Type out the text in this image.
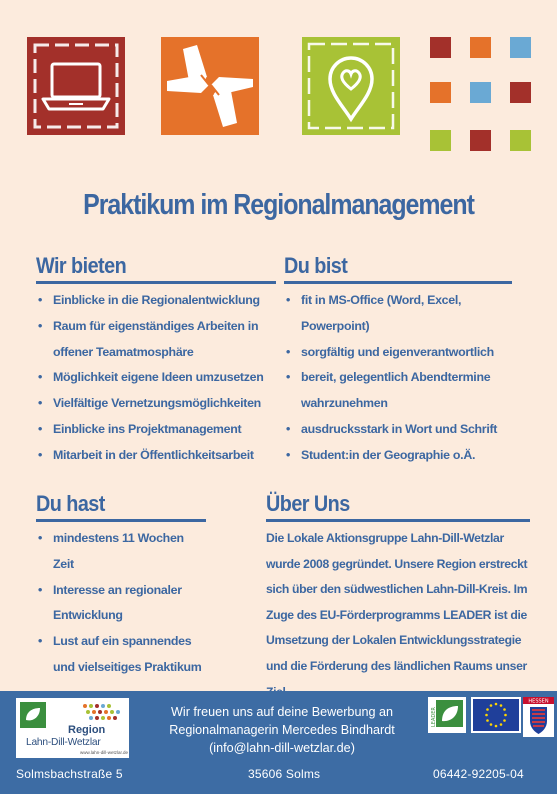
Praktikum im Regionalmanagement
Wir bieten
• Einblicke in die Regionalentwicklung
• Raum für eigenständiges Arbeiten in offener Teamatmosphäre
• Möglichkeit eigene Ideen umzusetzen
• Vielfältige Vernetzungsmöglichkeiten
• Einblicke ins Projektmanagement
• Mitarbeit in der Öffentlichkeitsarbeit
Du bist
• fit in MS-Office (Word, Excel, Powerpoint)
• sorgfältig und eigenverantwortlich
• bereit, gelegentlich Abendtermine wahrzunehmen
• ausdrucksstark in Wort und Schrift
• Student:in der Geographie o.Ä.
Du hast
• mindestens 11 Wochen Zeit
• Interesse an regionaler Entwicklung
• Lust auf ein spannendes und vielseitiges Praktikum
Über Uns

Die Lokale Aktionsgruppe Lahn-Dill-Wetzlar wurde 2008 gegründet. Unsere Region erstreckt sich über den südwestlichen Lahn-Dill-Kreis. Im Zuge des EU-Förderprogramms LEADER ist die Umsetzung der Lokalen Entwicklungsstrategie und die Förderung des ländlichen Raums unser

Region
Lahn-Dill-Wetzlar
www.lahn-dill-wetzlar.de
Wir freuen uns auf deine Bewerbung an
Regionalmanagerin Mercedes Bindhardt
(info@lahn-dill-wetzlar.de)
LEADER
HESSEN
Solmsbachstraße 5	35606 Solms	06442-92205-04
